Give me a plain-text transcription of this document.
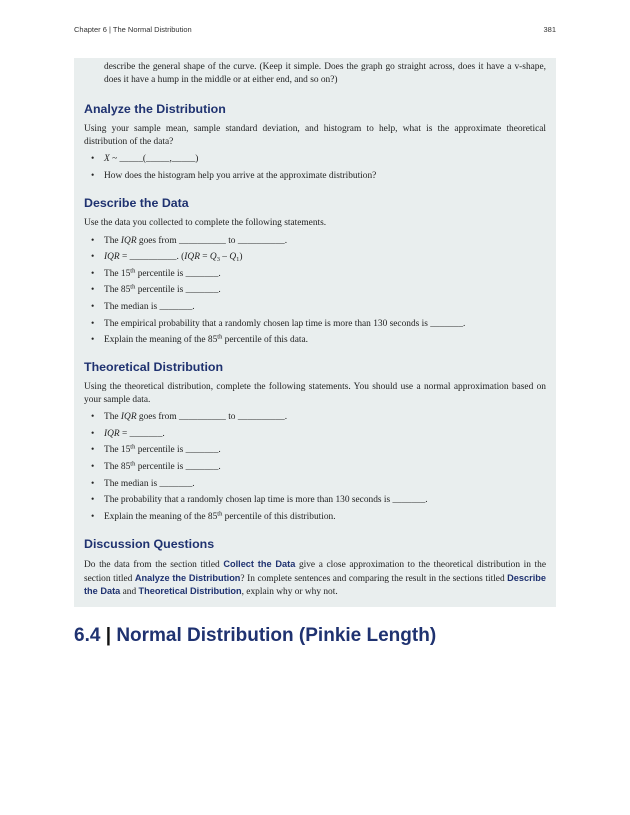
Chapter 6 | The Normal Distribution	381

describe the general shape of the curve. (Keep it simple. Does the graph go straight across, does it have a v-shape, does it have a hump in the middle or at either end, and so on?)

Analyze the Distribution

Using your sample mean, sample standard deviation, and histogram to help, what is the approximate theoretical distribution of the data?

• X ~ _____(_____,_____)
• How does the histogram help you arrive at the approximate distribution?
Describe the Data

Use the data you collected to complete the following statements.

• The IQR goes from __________ to __________.
• IQR = __________. $(IQR = Q_3 - Q_1)$
• The 15th percentile is _______.
• The 85th percentile is _______.
• The median is _______.
• The empirical probability that a randomly chosen lap time is more than 130 seconds is _______.
• Explain the meaning of the 85th percentile of this data.
Theoretical Distribution

Using the theoretical distribution, complete the following statements. You should use a normal approximation based on your sample data.

• The IQR goes from __________ to __________.
• IQR = _______.
• The 15th percentile is _______.
• The 85th percentile is _______.
• The median is _______.
• The probability that a randomly chosen lap time is more than 130 seconds is _______.
• Explain the meaning of the 85th percentile of this distribution.
Discussion Questions

Do the data from the section titled Collect the Data give a close approximation to the theoretical distribution in the section titled Analyze the Distribution? In complete sentences and comparing the result in the sections titled Describe the Data and Theoretical Distribution, explain why or why not.

6.4 | Normal Distribution (Pinkie Length)
